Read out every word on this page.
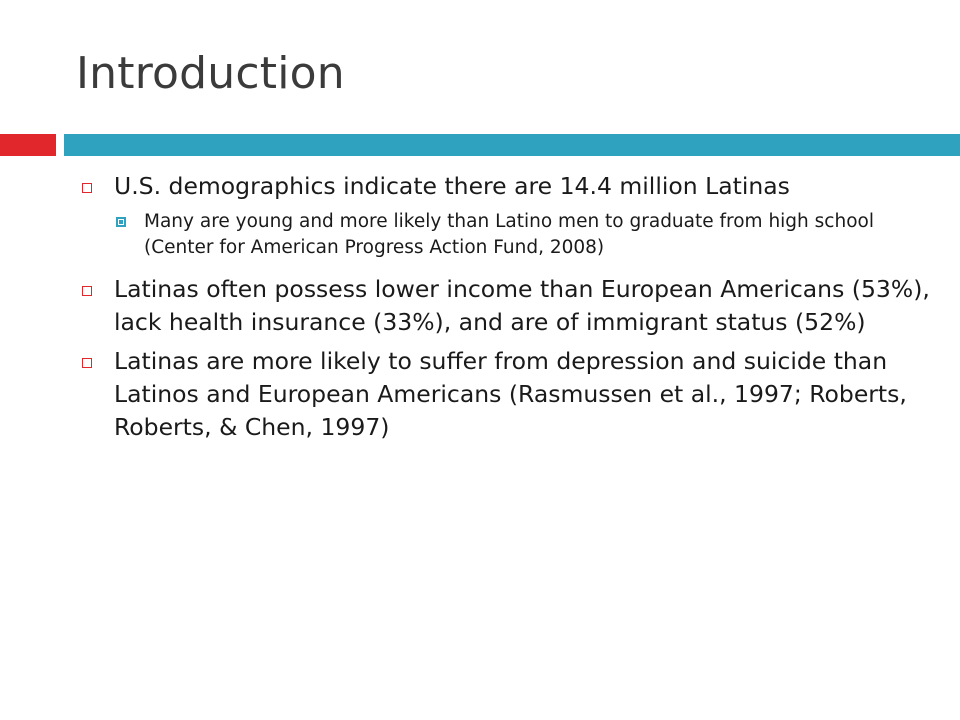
Introduction
U.S. demographics indicate there are 14.4 million Latinas
Many are young and more likely than Latino men to graduate from high school (Center for American Progress Action Fund, 2008)
Latinas often possess lower income than European Americans (53%), lack health insurance (33%), and are of immigrant status (52%)
Latinas are more likely to suffer from depression and suicide than Latinos and European Americans (Rasmussen et al., 1997; Roberts, Roberts, & Chen, 1997)
